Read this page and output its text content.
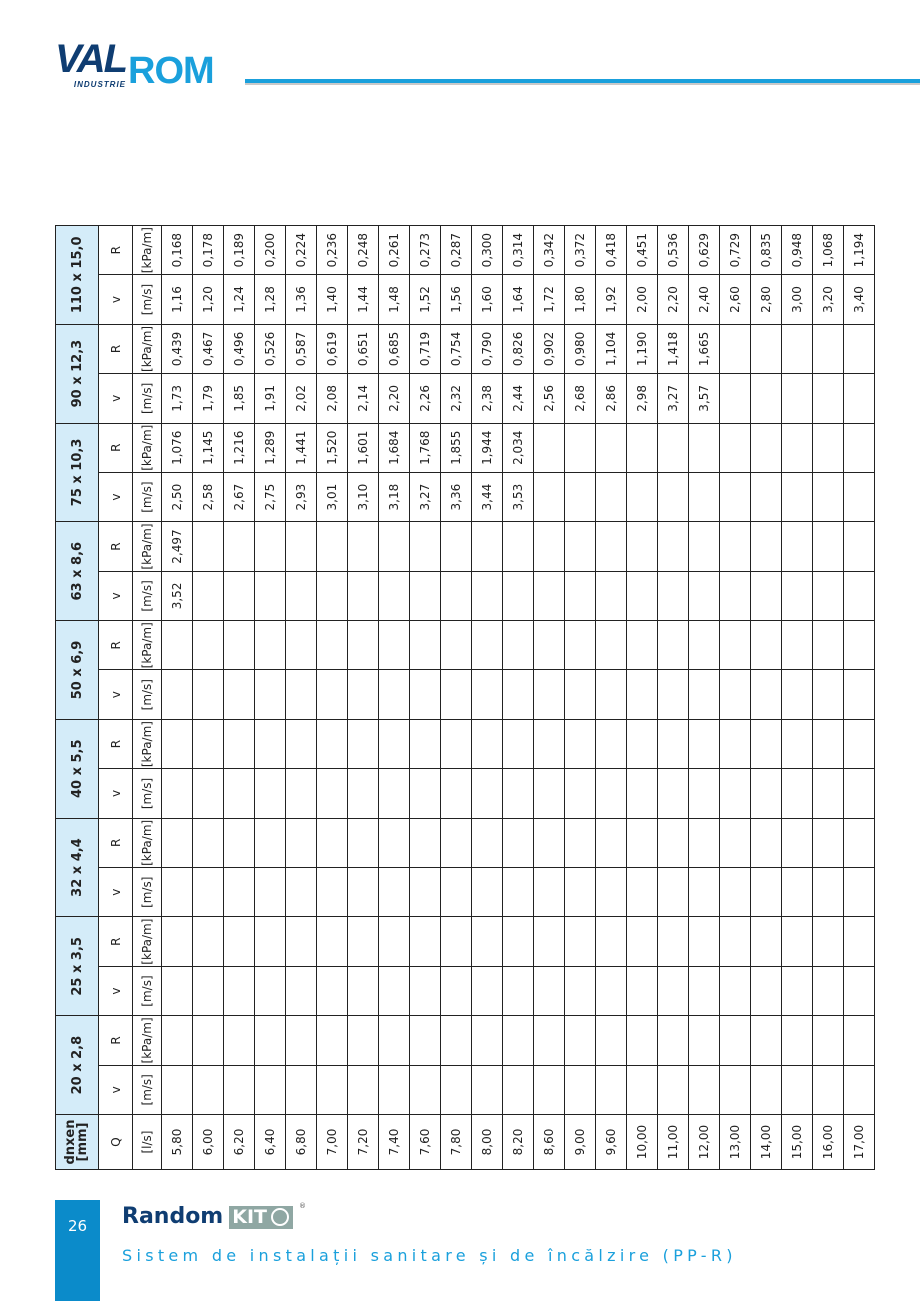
VAL
INDUSTRIE ROM
dnxen [mm]	20 x 2,8		25 x 3,5		32 x 4,4		40 x 5,5		50 x 6,9		63 x 8,6		75 x 10,3		90 x 12,3		110 x 15,0	
Q	v	R	v	R	v	R	v	R	v	R	v	R	v	R	v	R	v	R
[l/s]	[m/s]	[kPa/m]	[m/s]	[kPa/m]	[m/s]	[kPa/m]	[m/s]	[kPa/m]	[m/s]	[kPa/m]	[m/s]	[kPa/m]	[m/s]	[kPa/m]	[m/s]	[kPa/m]	[m/s]	[kPa/m]
5,80											3,52	2,497	2,50	1,076	1,73	0,439	1,16	0,168
6,00													2,58	1,145	1,79	0,467	1,20	0,178
6,20													2,67	1,216	1,85	0,496	1,24	0,189
6,40													2,75	1,289	1,91	0,526	1,28	0,200
6,80													2,93	1,441	2,02	0,587	1,36	0,224
7,00													3,01	1,520	2,08	0,619	1,40	0,236
7,20													3,10	1,601	2,14	0,651	1,44	0,248
7,40													3,18	1,684	2,20	0,685	1,48	0,261
7,60													3,27	1,768	2,26	0,719	1,52	0,273
7,80													3,36	1,855	2,32	0,754	1,56	0,287
8,00													3,44	1,944	2,38	0,790	1,60	0,300
8,20													3,53	2,034	2,44	0,826	1,64	0,314
8,60															2,56	0,902	1,72	0,342
9,00															2,68	0,980	1,80	0,372
9,60															2,86	1,104	1,92	0,418
10,00															2,98	1,190	2,00	0,451
11,00															3,27	1,418	2,20	0,536
12,00															3,57	1,665	2,40	0,629
13,00																	2,60	0,729
14,00																	2,80	0,835
15,00																	3,00	0,948
16,00																	3,20	1,068
17,00																	3,40	1,194
26	Random KIT	®
Sistem de instalații sanitare și de încălzire (PP-R)
